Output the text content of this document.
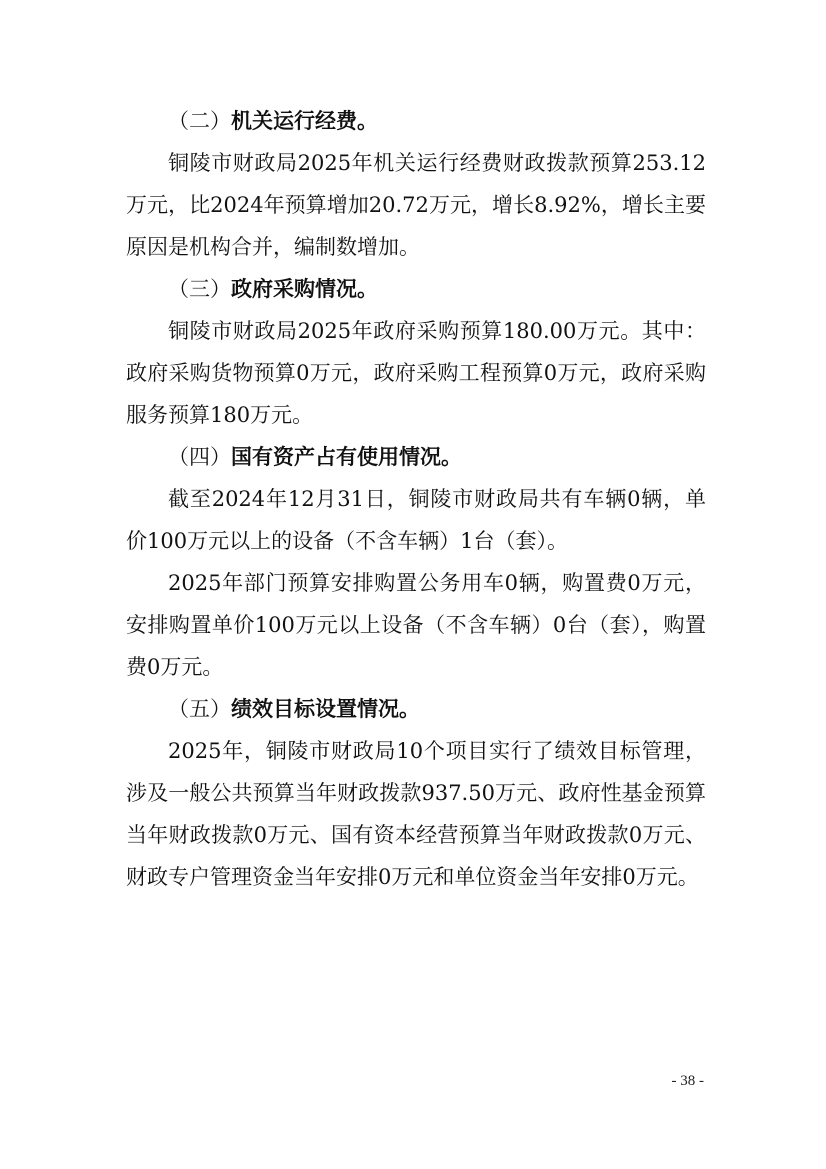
（二）机关运行经费。

铜陵市财政局2025年机关运行经费财政拨款预算253.12万元，比2024年预算增加20.72万元，增长8.92%，增长主要原因是机构合并，编制数增加。

（三）政府采购情况。

铜陵市财政局2025年政府采购预算180.00万元。其中：政府采购货物预算0万元，政府采购工程预算0万元，政府采购服务预算180万元。

（四）国有资产占有使用情况。

截至2024年12月31日，铜陵市财政局共有车辆0辆，单价100万元以上的设备（不含车辆）1台（套）。

2025年部门预算安排购置公务用车0辆，购置费0万元，安排购置单价100万元以上设备（不含车辆）0台（套），购置费0万元。

（五）绩效目标设置情况。

2025年，铜陵市财政局10个项目实行了绩效目标管理，涉及一般公共预算当年财政拨款937.50万元、政府性基金预算当年财政拨款0万元、国有资本经营预算当年财政拨款0万元、财政专户管理资金当年安排0万元和单位资金当年安排0万元。

- 38 -
